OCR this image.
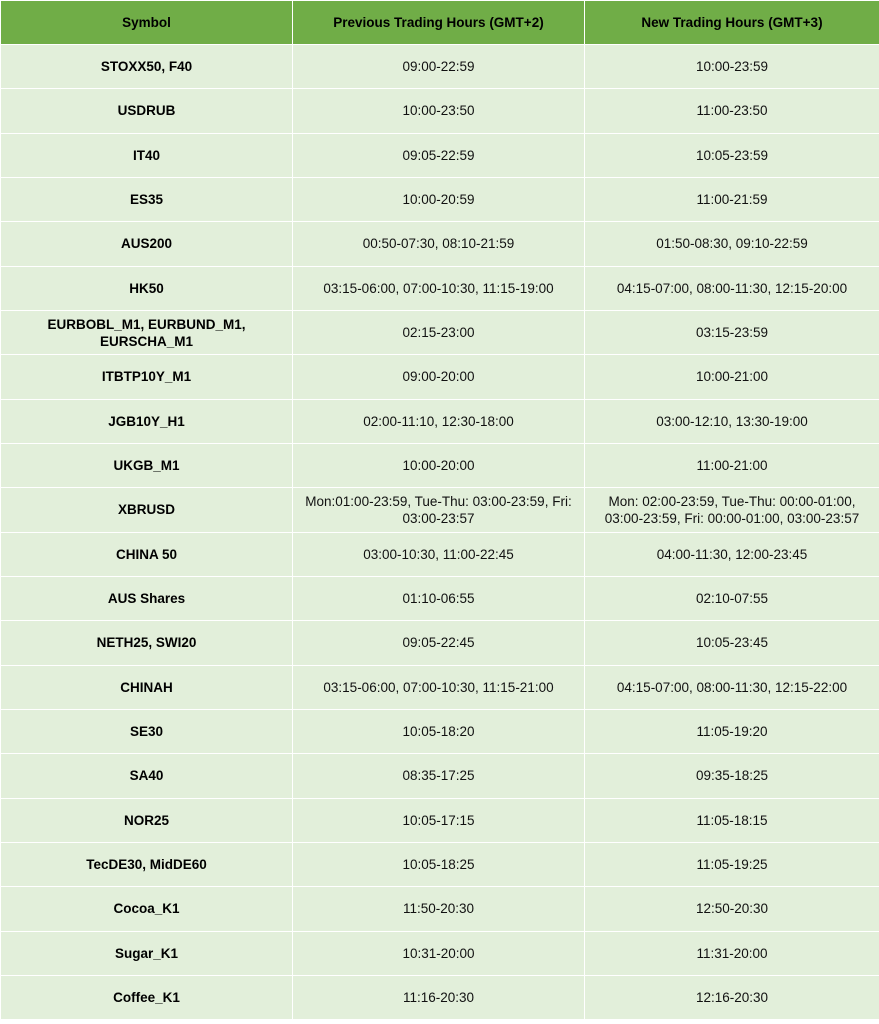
Symbol	Previous Trading Hours (GMT+2)	New Trading Hours (GMT+3)
STOXX50, F40	09:00-22:59	10:00-23:59
USDRUB	10:00-23:50	11:00-23:50
IT40	09:05-22:59	10:05-23:59
ES35	10:00-20:59	11:00-21:59
AUS200	00:50-07:30, 08:10-21:59	01:50-08:30, 09:10-22:59
HK50	03:15-06:00, 07:00-10:30, 11:15-19:00	04:15-07:00, 08:00-11:30, 12:15-20:00
EURBOBL_M1, EURBUND_M1, EURSCHA_M1	02:15-23:00	03:15-23:59
ITBTP10Y_M1	09:00-20:00	10:00-21:00
JGB10Y_H1	02:00-11:10, 12:30-18:00	03:00-12:10, 13:30-19:00
UKGB_M1	10:00-20:00	11:00-21:00
XBRUSD	Mon:01:00-23:59, Tue-Thu: 03:00-23:59, Fri: 03:00-23:57	Mon: 02:00-23:59, Tue-Thu: 00:00-01:00, 03:00-23:59, Fri: 00:00-01:00, 03:00-23:57
CHINA 50	03:00-10:30, 11:00-22:45	04:00-11:30, 12:00-23:45
AUS Shares	01:10-06:55	02:10-07:55
NETH25, SWI20	09:05-22:45	10:05-23:45
CHINAH	03:15-06:00, 07:00-10:30, 11:15-21:00	04:15-07:00, 08:00-11:30, 12:15-22:00
SE30	10:05-18:20	11:05-19:20
SA40	08:35-17:25	09:35-18:25
NOR25	10:05-17:15	11:05-18:15
TecDE30, MidDE60	10:05-18:25	11:05-19:25
Cocoa_K1	11:50-20:30	12:50-20:30
Sugar_K1	10:31-20:00	11:31-20:00
Coffee_K1	11:16-20:30	12:16-20:30
